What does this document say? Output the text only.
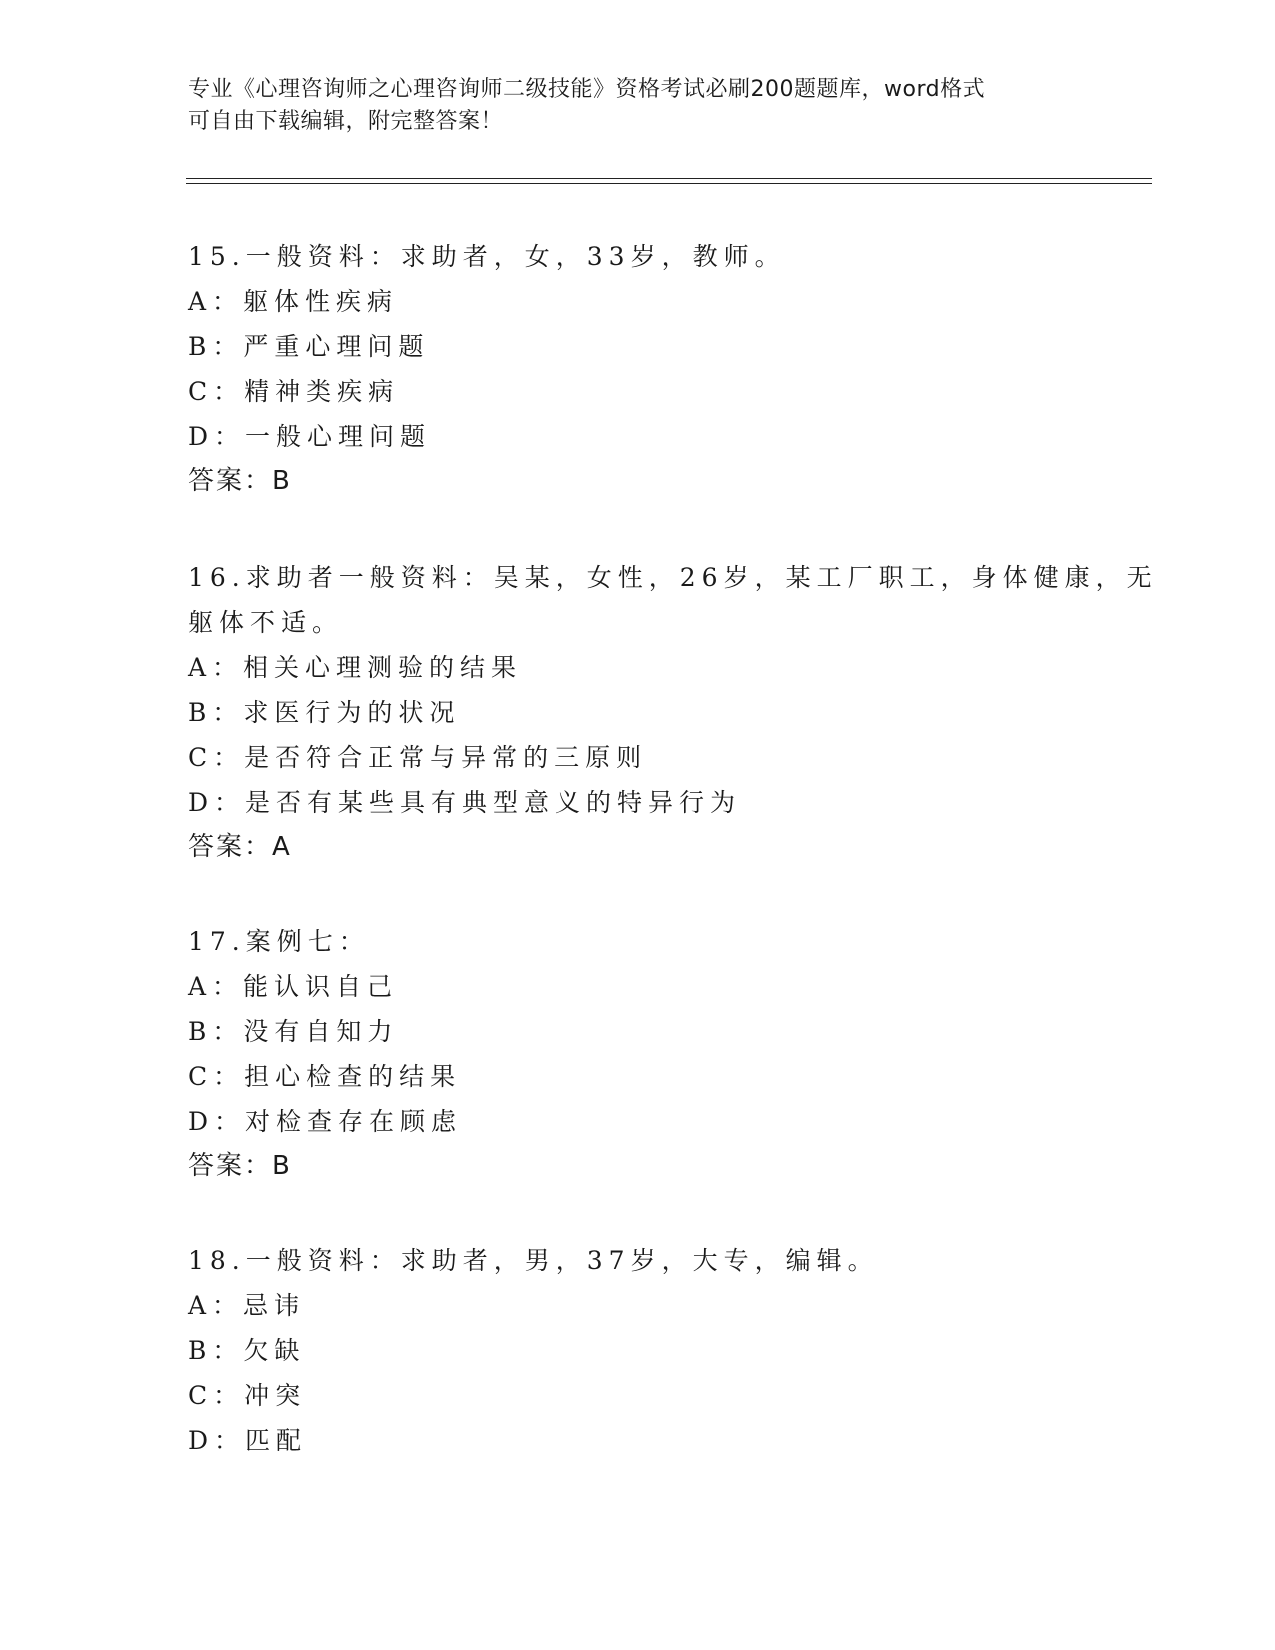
专业《心理咨询师之心理咨询师二级技能》资格考试必刷200题题库，word格式

可自由下载编辑，附完整答案！

15.一般资料：求助者，女，33岁，教师。
A：躯体性疾病
B：严重心理问题
C：精神类疾病
D：一般心理问题
答案：B
16.求助者一般资料：吴某，女性，26岁，某工厂职工，身体健康，无
躯体不适。
A：相关心理测验的结果
B：求医行为的状况
C：是否符合正常与异常的三原则
D：是否有某些具有典型意义的特异行为
答案：A
17.案例七：
A：能认识自己
B：没有自知力
C：担心检查的结果
D：对检查存在顾虑
答案：B
18.一般资料：求助者，男，37岁，大专，编辑。
A：忌讳
B：欠缺
C：冲突
D：匹配
